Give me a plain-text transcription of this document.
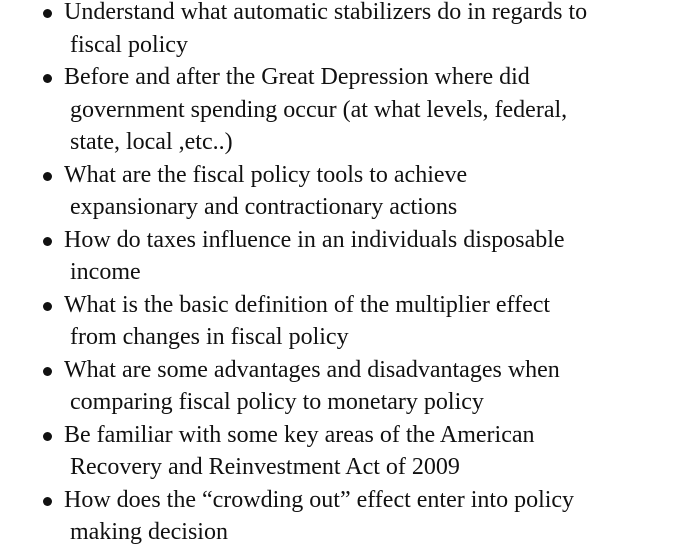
Understand what automatic stabilizers do in regards to
fiscal policy
Before and after the Great Depression where did
government spending occur (at what levels, federal,
state, local ,etc..)
What are the fiscal policy tools to achieve
expansionary and contractionary actions
How do taxes influence in an individuals disposable
income
What is the basic definition of the multiplier effect
from changes in fiscal policy
What are some advantages and disadvantages when
comparing fiscal policy to monetary policy
Be familiar with some key areas of the American
Recovery and Reinvestment Act of 2009
How does the “crowding out” effect enter into policy
making decision
